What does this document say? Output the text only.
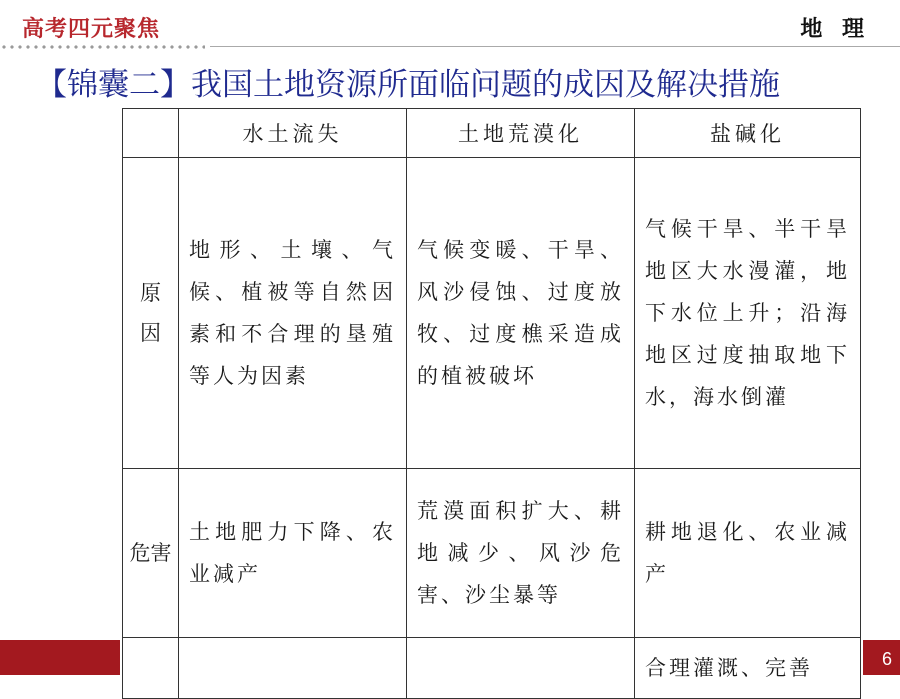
高考四元聚焦	地 理
【锦囊二】我国土地资源所面临问题的成因及解决措施
	水土流失	土地荒漠化	盐碱化
原因	地形、土壤、气候、植被等自然因素和不合理的垦殖等人为因素	气候变暖、干旱、风沙侵蚀、过度放牧、过度樵采造成的植被破坏	气候干旱、半干旱地区大水漫灌，地下水位上升；沿海地区过度抽取地下水，海水倒灌
危害	土地肥力下降、农业减产	荒漠面积扩大、耕地减少、风沙危害、沙尘暴等	耕地退化、农业减产
			合理灌溉、完善	6
